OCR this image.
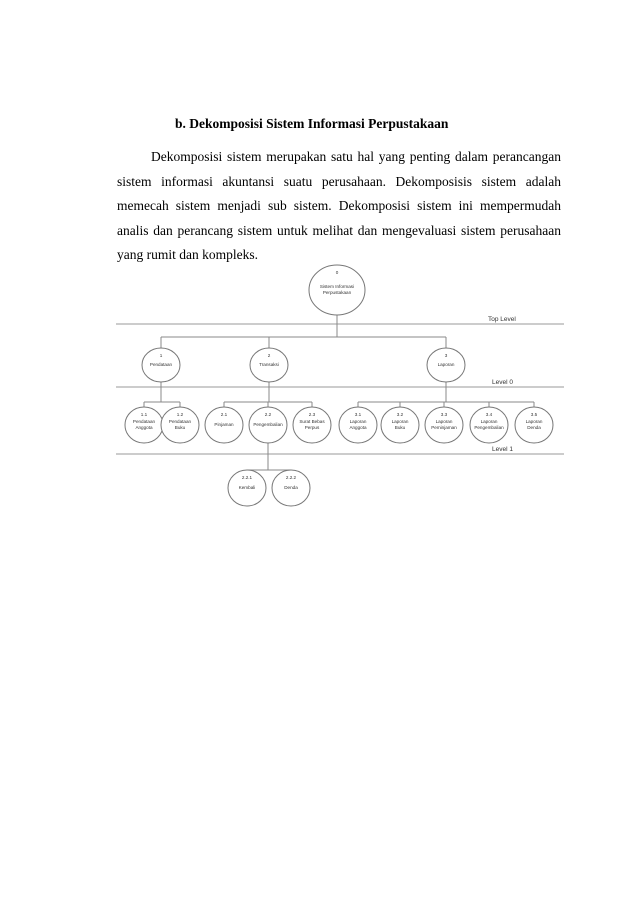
b. Dekomposisi Sistem Informasi Perpustakaan
Dekomposisi sistem merupakan satu hal yang penting dalam perancangan sistem informasi akuntansi suatu perusahaan. Dekomposisis sistem adalah memecah sistem menjadi sub sistem. Dekomposisi sistem ini mempermudah analis dan perancang sistem untuk melihat dan mengevaluasi sistem perusahaan yang rumit dan kompleks.
Top Level
Level 0
Level 1
0
Sistem Informasi
Perpustakaan
1
Pendataan
2
Transaksi
3
Laporan
1.1
Pendataan
Anggota
1.2
Pendataan
Buku
2.1
Pinjaman
2.2
Pengembalian
2.2.1
Kembali
2.2.2
Denda
2.3
Surat Bebas
Perpus
3.1
Laporan
Anggota
3.2
Laporan
Buku
3.3
Laporan
Peminjaman
3.4
Laporan
Pengembalian
3.5
Laporan
Denda
